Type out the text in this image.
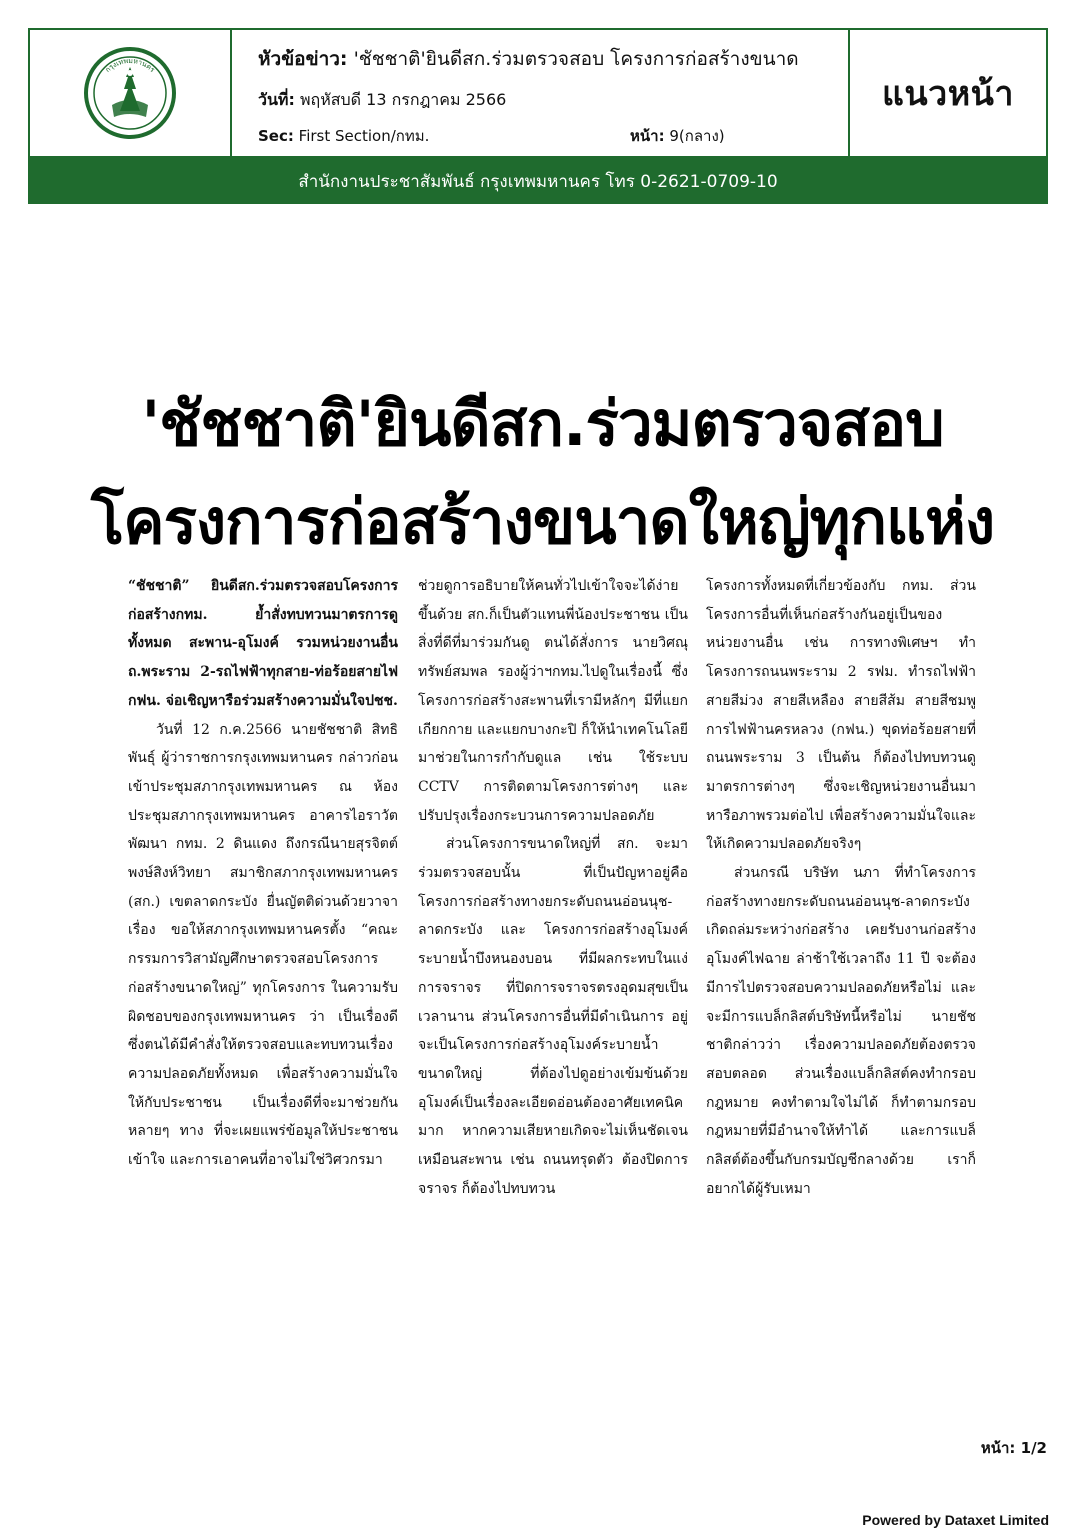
กรุงเทพมหานคร	หัวข้อข่าว: 'ชัชชาติ'ยินดีสก.ร่วมตรวจสอบ โครงการก่อสร้างขนาด
วันที่: พฤหัสบดี 13 กรกฎาคม 2566
Sec: First Section/กทม.	หน้า: 9(กลาง)
แนวหน้า
สำนักงานประชาสัมพันธ์ กรุงเทพมหานคร โทร 0-2621-0709-10
'ชัชชาติ'ยินดีสก.ร่วมตรวจสอบ
โครงการก่อสร้างขนาดใหญ่ทุกแห่ง

“ชัชชาติ” ยินดีสก.ร่วมตรวจสอบโครงการก่อสร้างกทม. ย้ำสั่งทบทวนมาตรการดูทั้งหมด สะพาน-อุโมงค์ รวมหน่วยงานอื่น ถ.พระราม 2-รถไฟฟ้าทุกสาย-ท่อร้อยสายไฟ กฟน. จ่อเชิญหารือร่วมสร้างความมั่นใจปชช.

วันที่ 12 ก.ค.2566 นายชัชชาติ สิทธิพันธุ์ ผู้ว่าราชการกรุงเทพมหานคร กล่าวก่อนเข้าประชุมสภากรุงเทพมหานคร ณ ห้องประชุมสภากรุงเทพมหานคร อาคารไอราวัตพัฒนา กทม. 2 ดินแดง ถึงกรณีนายสุรจิตต์ พงษ์สิงห์วิทยา สมาชิกสภากรุงเทพมหานคร (สก.) เขตลาดกระบัง ยื่นญัตติด่วนด้วยวาจา เรื่อง ขอให้สภากรุงเทพมหานครตั้ง “คณะกรรมการวิสามัญศึกษาตรวจสอบโครงการก่อสร้างขนาดใหญ่” ทุกโครงการ ในความรับผิดชอบของกรุงเทพมหานคร ว่า เป็นเรื่องดี ซึ่งตนได้มีคำสั่งให้ตรวจสอบและทบทวนเรื่องความปลอดภัยทั้งหมด เพื่อสร้างความมั่นใจให้กับประชาชน เป็นเรื่องดีที่จะมาช่วยกันหลายๆ ทาง ที่จะเผยแพร่ข้อมูลให้ประชาชนเข้าใจ และการเอาคนที่อาจไม่ใช่วิศวกรมา

ช่วยดูการอธิบายให้คนทั่วไปเข้าใจจะได้ง่ายขึ้นด้วย สก.ก็เป็นตัวแทนพี่น้องประชาชน เป็นสิ่งที่ดีที่มาร่วมกันดู ตนได้สั่งการ นายวิศณุ ทรัพย์สมพล รองผู้ว่าฯกทม.ไปดูในเรื่องนี้ ซึ่งโครงการก่อสร้างสะพานที่เรามีหลักๆ มีที่แยกเกียกกาย และแยกบางกะปิ ก็ให้นำเทคโนโลยีมาช่วยในการกำกับดูแล เช่น ใช้ระบบ CCTV การติดตามโครงการต่างๆ และปรับปรุงเรื่องกระบวนการความปลอดภัย

ส่วนโครงการขนาดใหญ่ที่ สก. จะมาร่วมตรวจสอบนั้น ที่เป็นปัญหาอยู่คือ โครงการก่อสร้างทางยกระดับถนนอ่อนนุช-ลาดกระบัง และ โครงการก่อสร้างอุโมงค์ระบายน้ำบึงหนองบอน ที่มีผลกระทบในแง่การจราจร ที่ปิดการจราจรตรงอุดมสุขเป็นเวลานาน ส่วนโครงการอื่นที่มีดำเนินการ อยู่จะเป็นโครงการก่อสร้างอุโมงค์ระบายน้ำขนาดใหญ่ ที่ต้องไปดูอย่างเข้มข้นด้วย อุโมงค์เป็นเรื่องละเอียดอ่อนต้องอาศัยเทคนิคมาก หากความเสียหายเกิดจะไม่เห็นชัดเจน เหมือนสะพาน เช่น ถนนทรุดตัว ต้องปิดการจราจร ก็ต้องไปทบทวน

โครงการทั้งหมดที่เกี่ยวข้องกับ กทม. ส่วนโครงการอื่นที่เห็นก่อสร้างกันอยู่เป็นของหน่วยงานอื่น เช่น การทางพิเศษฯ ทำโครงการถนนพระราม 2 รฟม. ทำรถไฟฟ้าสายสีม่วง สายสีเหลือง สายสีส้ม สายสีชมพู การไฟฟ้านครหลวง (กฟน.) ขุดท่อร้อยสายที่ถนนพระราม 3 เป็นต้น ก็ต้องไปทบทวนดูมาตรการต่างๆ ซึ่งจะเชิญหน่วยงานอื่นมาหารือภาพรวมต่อไป เพื่อสร้างความมั่นใจและให้เกิดความปลอดภัยจริงๆ

ส่วนกรณี บริษัท นภา ที่ทำโครงการก่อสร้างทางยกระดับถนนอ่อนนุช-ลาดกระบังเกิดถล่มระหว่างก่อสร้าง เคยรับงานก่อสร้างอุโมงค์ไฟฉาย ล่าช้าใช้เวลาถึง 11 ปี จะต้องมีการไปตรวจสอบความปลอดภัยหรือไม่ และจะมีการแบล็กลิสต์บริษัทนี้หรือไม่ นายชัชชาติกล่าวว่า เรื่องความปลอดภัยต้องตรวจสอบตลอด ส่วนเรื่องแบล็กลิสต์คงทำกรอบกฎหมาย คงทำตามใจไม่ได้ ก็ทำตามกรอบกฎหมายที่มีอำนาจให้ทำได้ และการแบล็กลิสต์ต้องขึ้นกับกรมบัญชีกลางด้วย เราก็อยากได้ผู้รับเหมา

หน้า: 1/2
Powered by Dataxet Limited
